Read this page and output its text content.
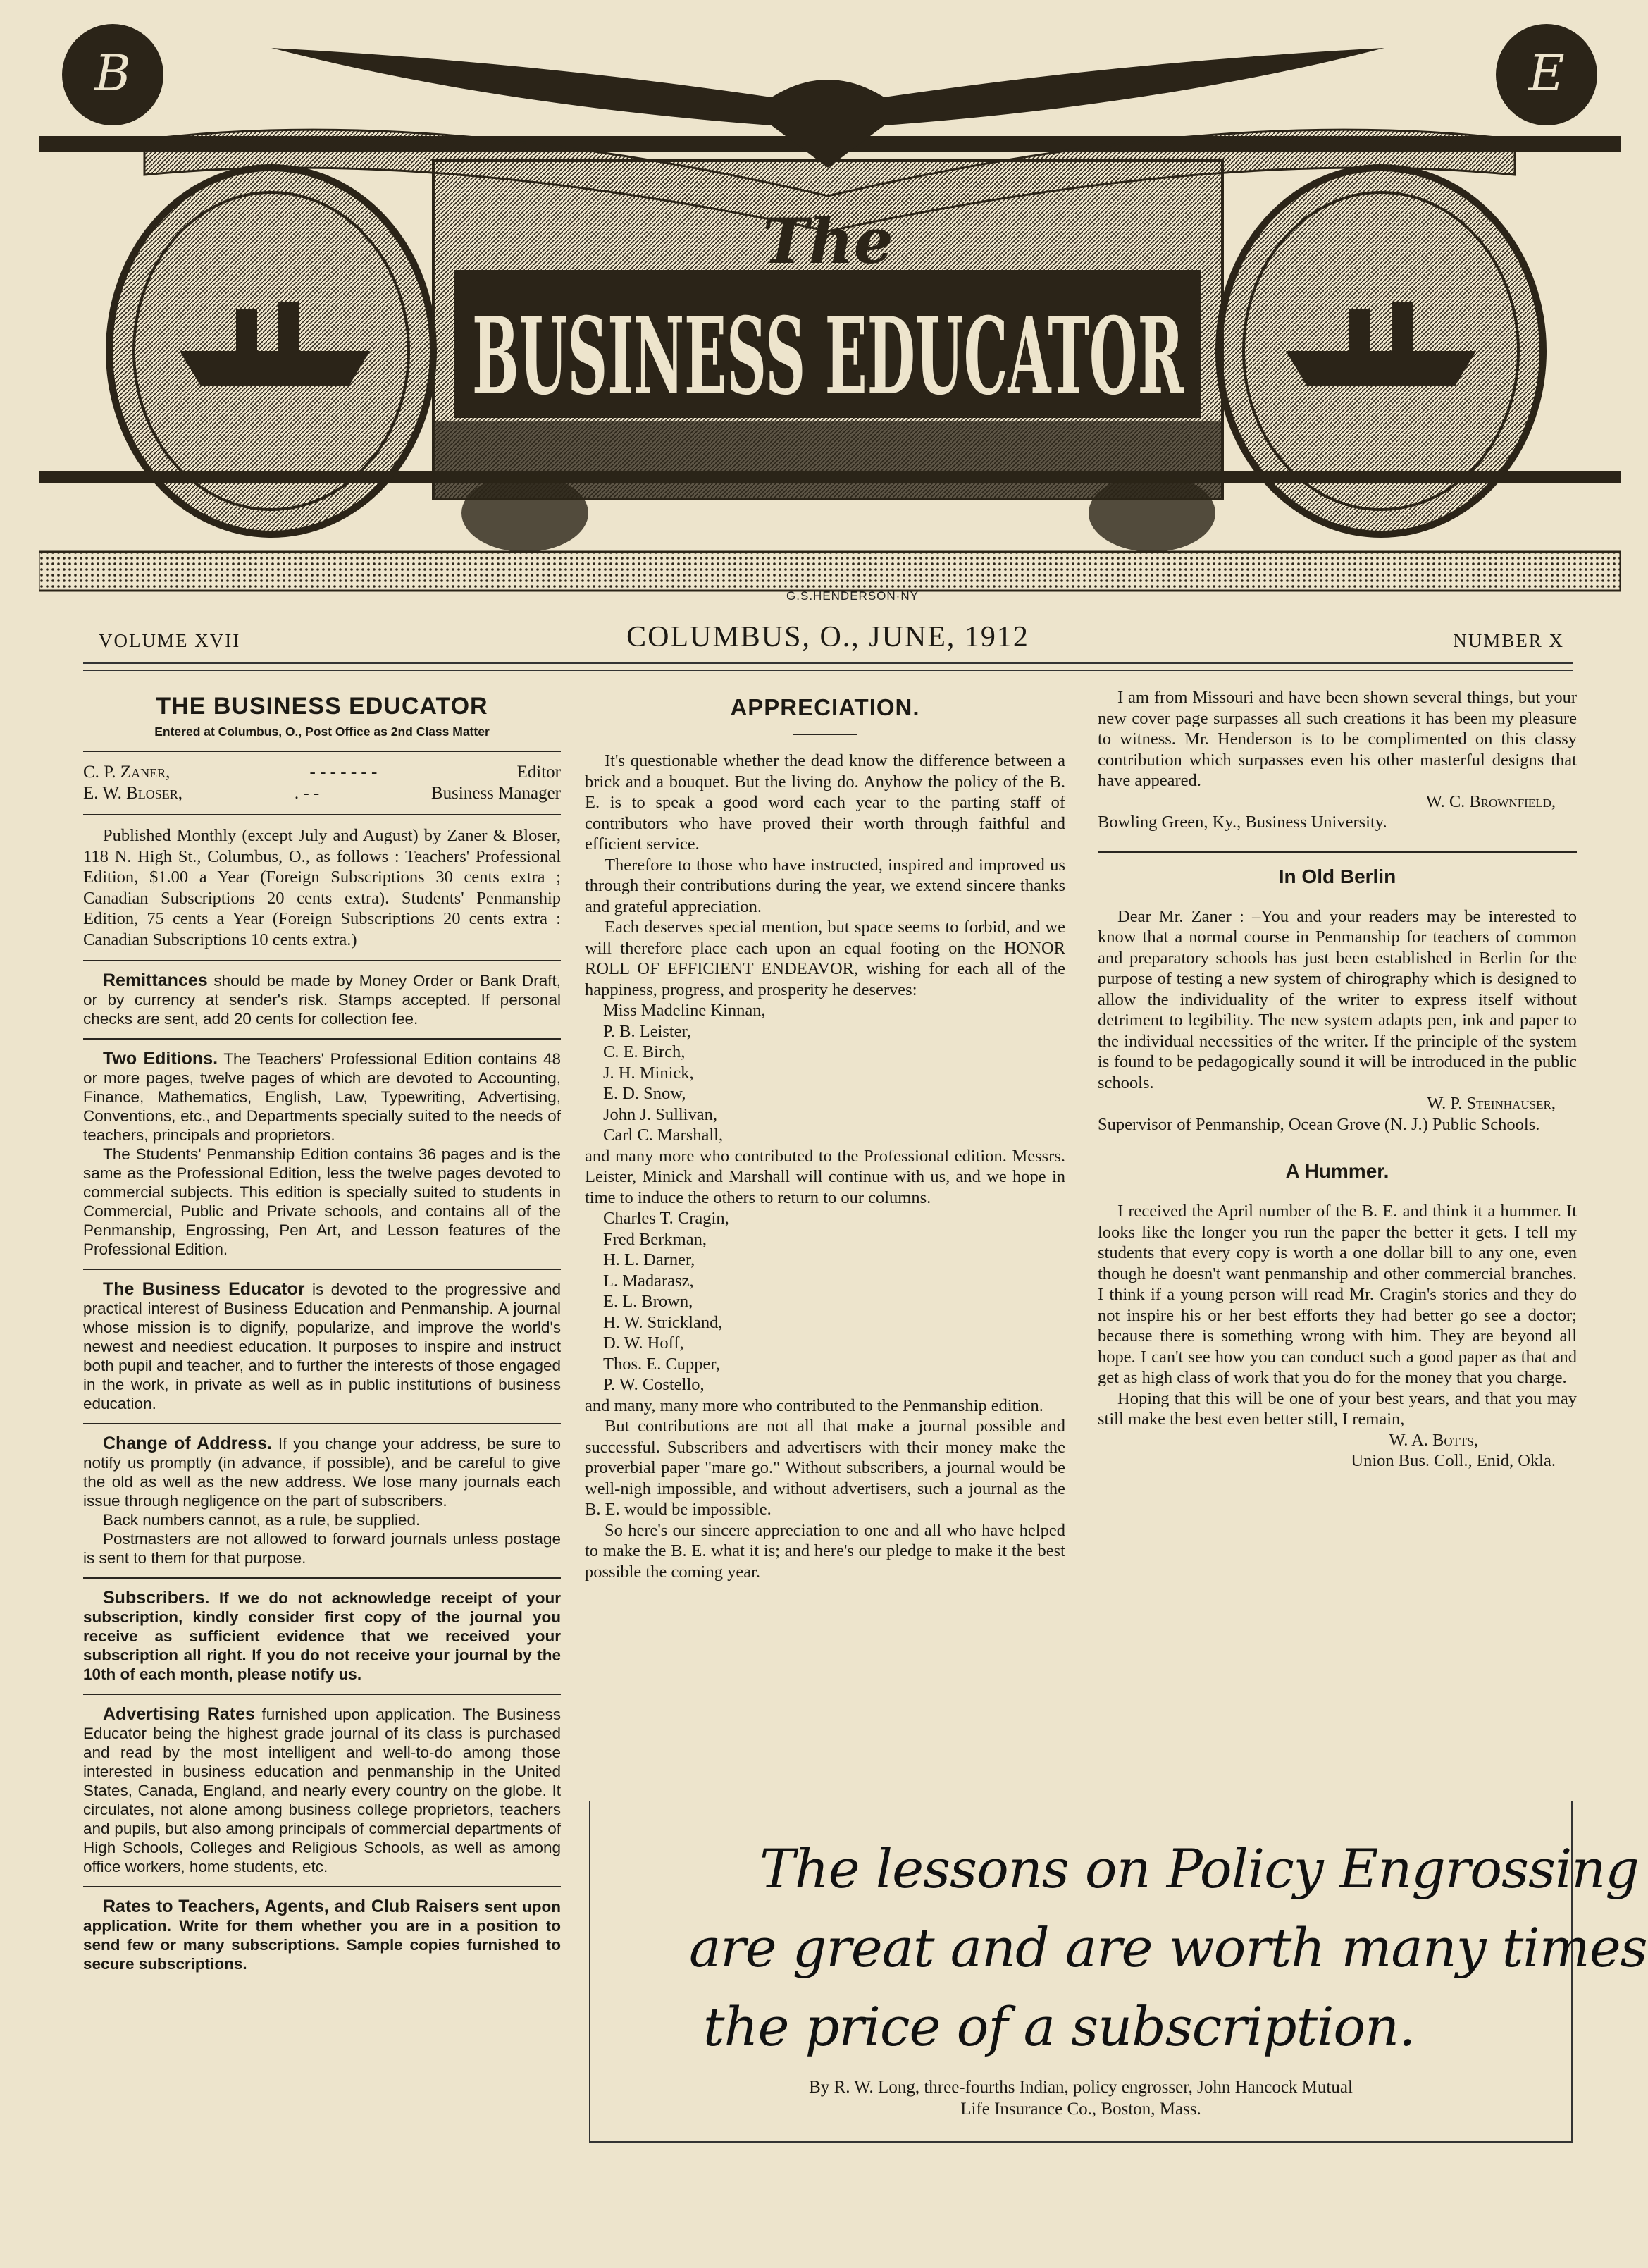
B	E
The
BUSINESS EDUCATOR
G.S.HENDERSON·NY
VOLUME XVII	COLUMBUS, O., JUNE, 1912	NUMBER X
THE BUSINESS EDUCATOR
Entered at Columbus, O., Post Office as 2nd Class Matter
C. P. Zaner,	- - - - - - -	Editor
E. W. Bloser,	. - -	Business Manager

Published Monthly (except July and August) by Zaner & Bloser, 118 N. High St., Columbus, O., as follows : Teachers' Professional Edition, $1.00 a Year (Foreign Subscriptions 30 cents extra ; Canadian Subscriptions 20 cents extra). Students' Penmanship Edition, 75 cents a Year (Foreign Subscriptions 20 cents extra : Canadian Subscriptions 10 cents extra.)

Remittances should be made by Money Order or Bank Draft, or by currency at sender's risk. Stamps accepted. If personal checks are sent, add 20 cents for collection fee.

Two Editions. The Teachers' Professional Edition contains 48 or more pages, twelve pages of which are devoted to Accounting, Finance, Mathematics, English, Law, Typewriting, Advertising, Conventions, etc., and Departments specially suited to the needs of teachers, principals and proprietors.

The Students' Penmanship Edition contains 36 pages and is the same as the Professional Edition, less the twelve pages devoted to commercial subjects. This edition is specially suited to students in Commercial, Public and Private schools, and contains all of the Penmanship, Engrossing, Pen Art, and Lesson features of the Professional Edition.

The Business Educator is devoted to the progressive and practical interest of Business Education and Penmanship. A journal whose mission is to dignify, popularize, and improve the world's newest and neediest education. It purposes to inspire and instruct both pupil and teacher, and to further the interests of those engaged in the work, in private as well as in public institutions of business education.

Change of Address. If you change your address, be sure to notify us promptly (in advance, if possible), and be careful to give the old as well as the new address. We lose many journals each issue through negligence on the part of subscribers.

Back numbers cannot, as a rule, be supplied.

Postmasters are not allowed to forward journals unless postage is sent to them for that purpose.

Subscribers. If we do not acknowledge receipt of your subscription, kindly consider first copy of the journal you receive as sufficient evidence that we received your subscription all right. If you do not receive your journal by the 10th of each month, please notify us.

Advertising Rates furnished upon application. The Business Educator being the highest grade journal of its class is purchased and read by the most intelligent and well-to-do among those interested in business education and penmanship in the United States, Canada, England, and nearly every country on the globe. It circulates, not alone among business college proprietors, teachers and pupils, but also among principals of commercial departments of High Schools, Colleges and Religious Schools, as well as among office workers, home students, etc.

Rates to Teachers, Agents, and Club Raisers sent upon application. Write for them whether you are in a position to send few or many subscriptions. Sample copies furnished to secure subscriptions.

APPRECIATION.

It's questionable whether the dead know the difference between a brick and a bouquet. But the living do. Anyhow the policy of the B. E. is to speak a good word each year to the parting staff of contributors who have proved their worth through faithful and efficient service.

Therefore to those who have instructed, inspired and improved us through their contributions during the year, we extend sincere thanks and grateful appreciation.

Each deserves special mention, but space seems to forbid, and we will therefore place each upon an equal footing on the HONOR ROLL OF EFFICIENT ENDEAVOR, wishing for each all of the happiness, progress, and prosperity he deserves:

Miss Madeline Kinnan,
P. B. Leister,
C. E. Birch,
J. H. Minick,
E. D. Snow,
John J. Sullivan,
Carl C. Marshall,

and many more who contributed to the Professional edition. Messrs. Leister, Minick and Marshall will continue with us, and we hope in time to induce the others to return to our columns.

Charles T. Cragin,
Fred Berkman,
H. L. Darner,
L. Madarasz,
E. L. Brown,
H. W. Strickland,
D. W. Hoff,
Thos. E. Cupper,
P. W. Costello,

and many, many more who contributed to the Penmanship edition.

But contributions are not all that make a journal possible and successful. Subscribers and advertisers with their money make the proverbial paper "mare go." Without subscribers, a journal would be well-nigh impossible, and without advertisers, such a journal as the B. E. would be impossible.

So here's our sincere appreciation to one and all who have helped to make the B. E. what it is; and here's our pledge to make it the best possible the coming year.

I am from Missouri and have been shown several things, but your new cover page surpasses all such creations it has been my pleasure to witness. Mr. Henderson is to be complimented on this classy contribution which surpasses even his other masterful designs that have appeared.

W. C. Brownfield,
Bowling Green, Ky., Business University.
In Old Berlin

Dear Mr. Zaner : –You and your readers may be interested to know that a normal course in Penmanship for teachers of common and preparatory schools has just been established in Berlin for the purpose of testing a new system of chirography which is designed to allow the individuality of the writer to express itself without detriment to legibility. The new system adapts pen, ink and paper to the individual necessities of the writer. If the principle of the system is found to be pedagogically sound it will be introduced in the public schools.

W. P. Steinhauser,
Supervisor of Penmanship, Ocean Grove (N. J.) Public Schools.
A Hummer.

I received the April number of the B. E. and think it a hummer. It looks like the longer you run the paper the better it gets. I tell my students that every copy is worth a one dollar bill to any one, even though he doesn't want penmanship and other commercial branches. I think if a young person will read Mr. Cragin's stories and they do not inspire his or her best efforts they had better go see a doctor; because there is something wrong with him. They are beyond all hope. I can't see how you can conduct such a good paper as that and get as high class of work that you do for the money that you charge.

Hoping that this will be one of your best years, and that you may still make the best even better still, I remain,

W. A. Botts,
Union Bus. Coll., Enid, Okla.
The lessons on Policy Engrossing
are great and are worth many times
the price of a subscription.
By R. W. Long, three-fourths Indian, policy engrosser, John Hancock Mutual
Life Insurance Co., Boston, Mass.
